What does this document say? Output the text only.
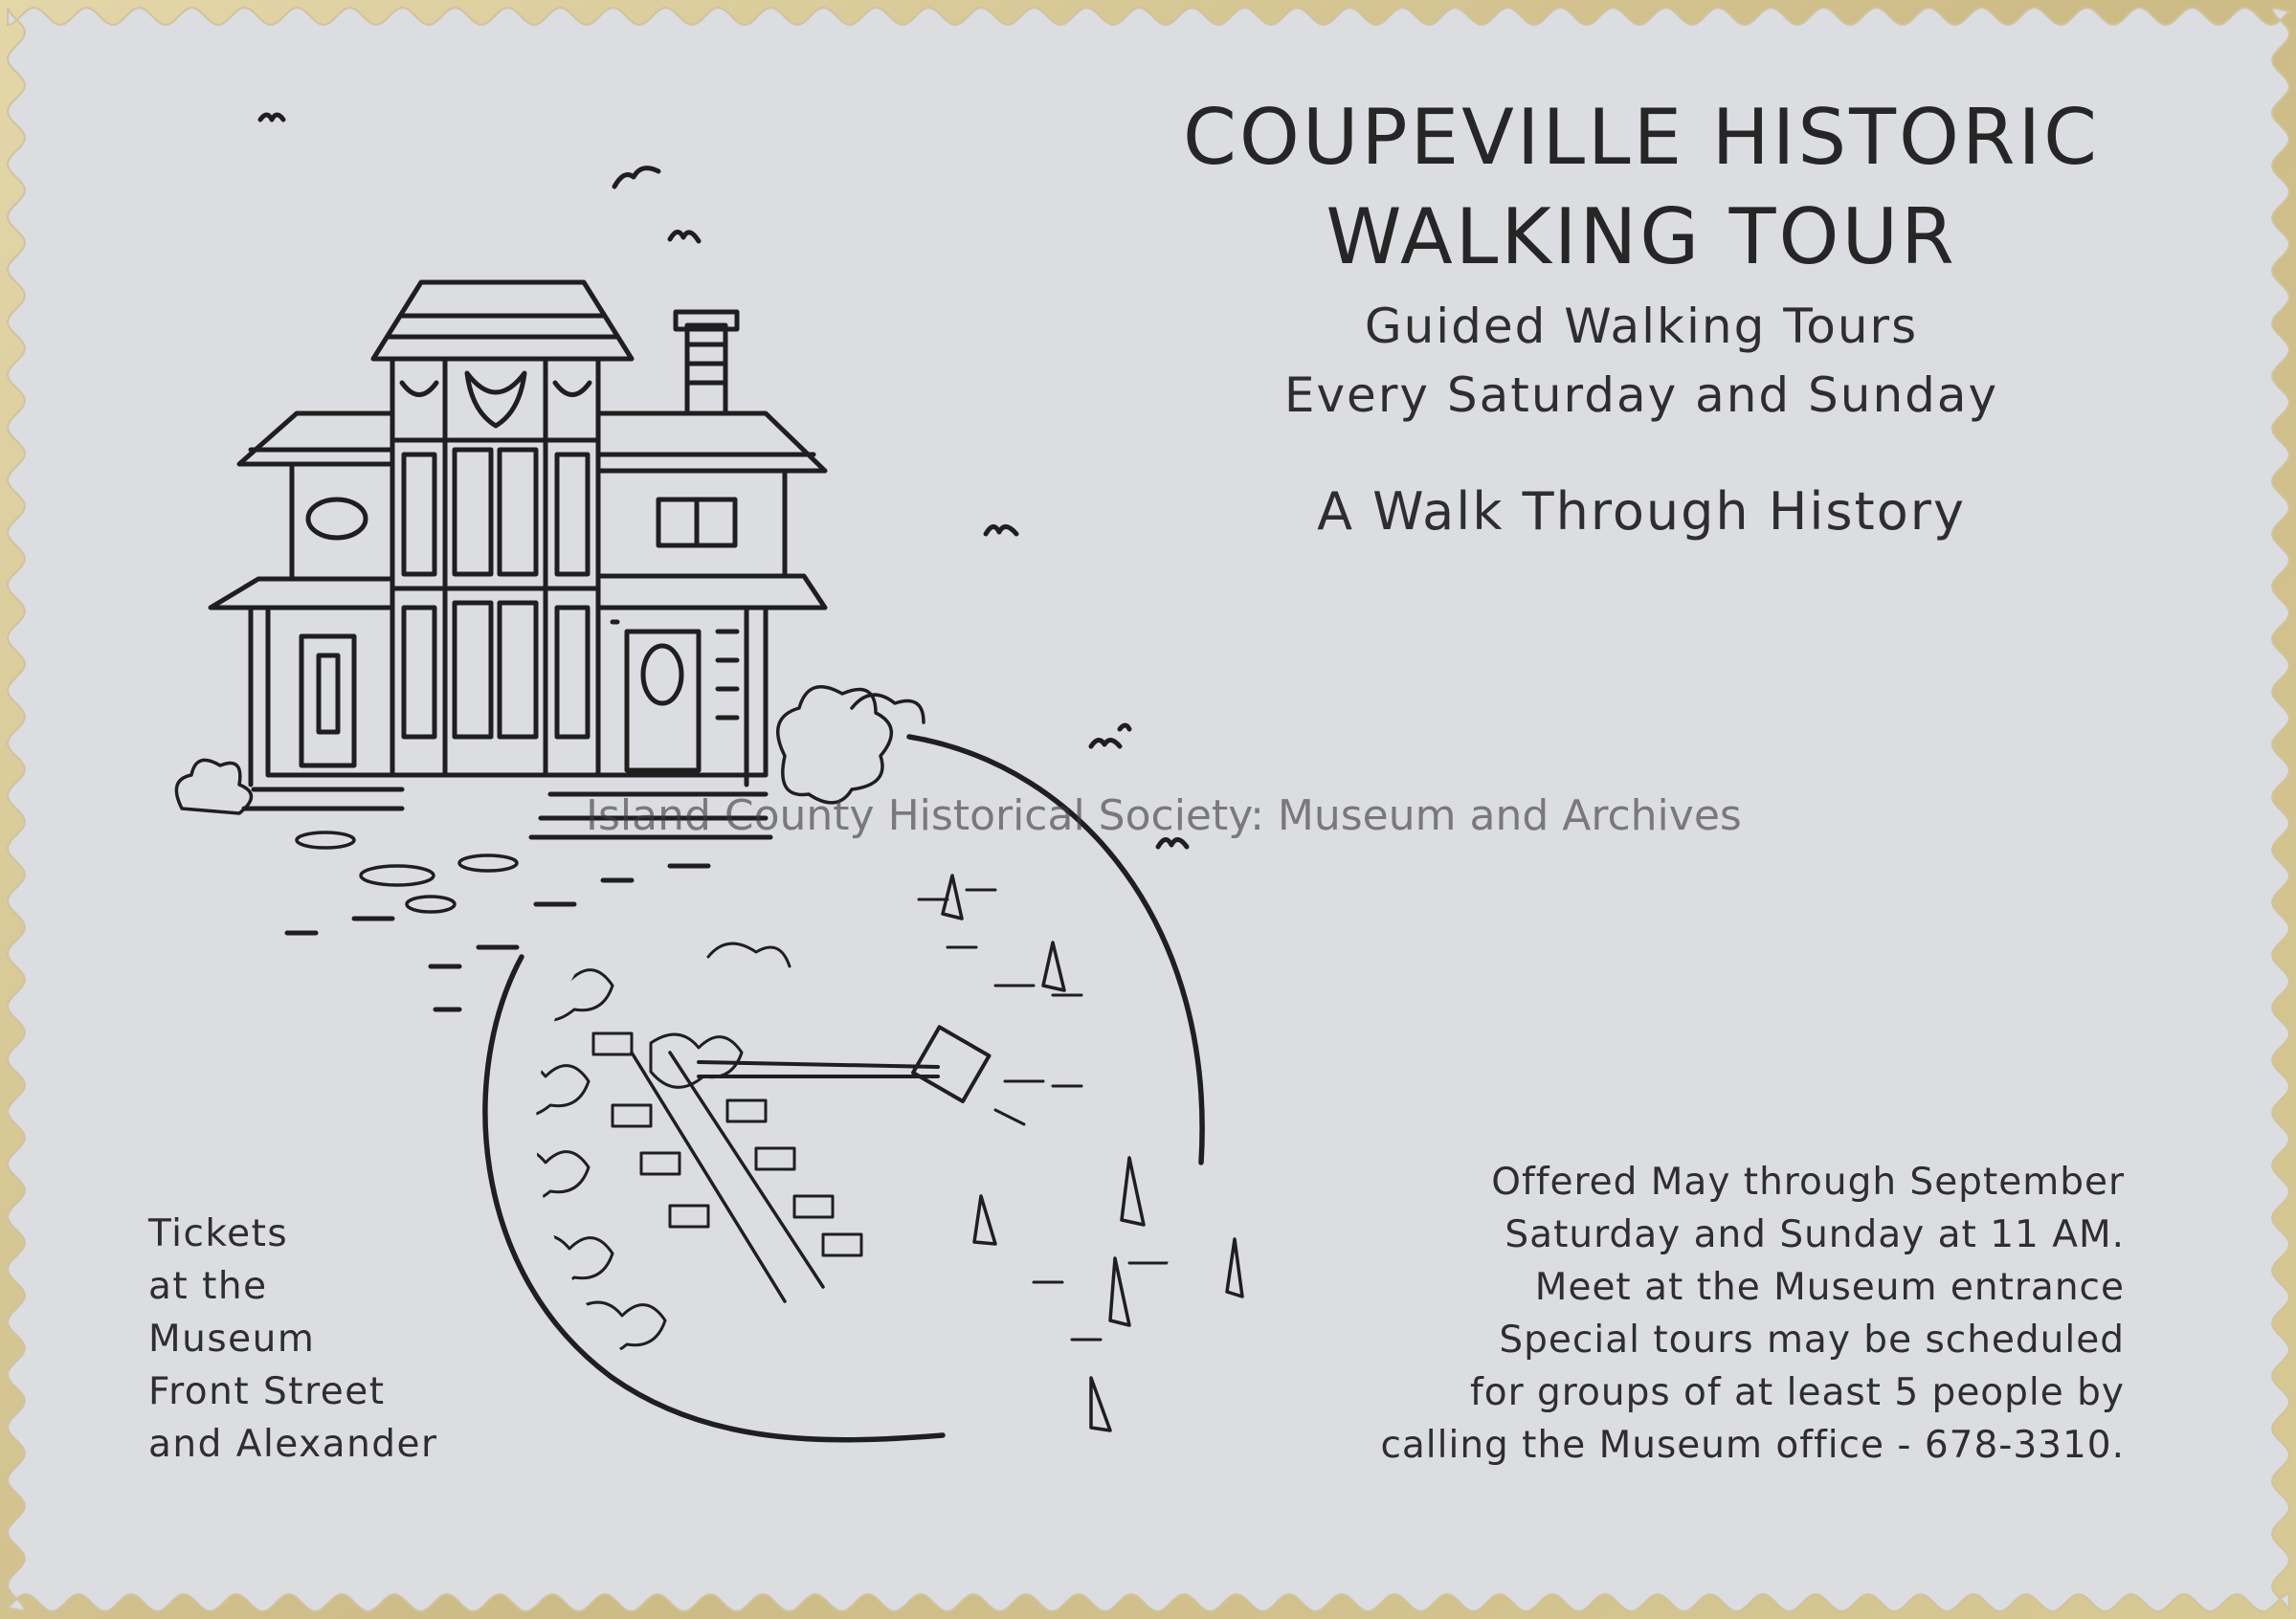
COUPEVILLE HISTORIC
WALKING TOUR
Guided Walking Tours
Every Saturday and Sunday
A Walk Through History
Tickets
at the
Museum
Front Street
and Alexander
Offered May through September
Saturday and Sunday at 11 AM.
Meet at the Museum entrance
Special tours may be scheduled
for groups of at least 5 people by
calling the Museum office - 678-3310.
Island County Historical Society: Museum and Archives
